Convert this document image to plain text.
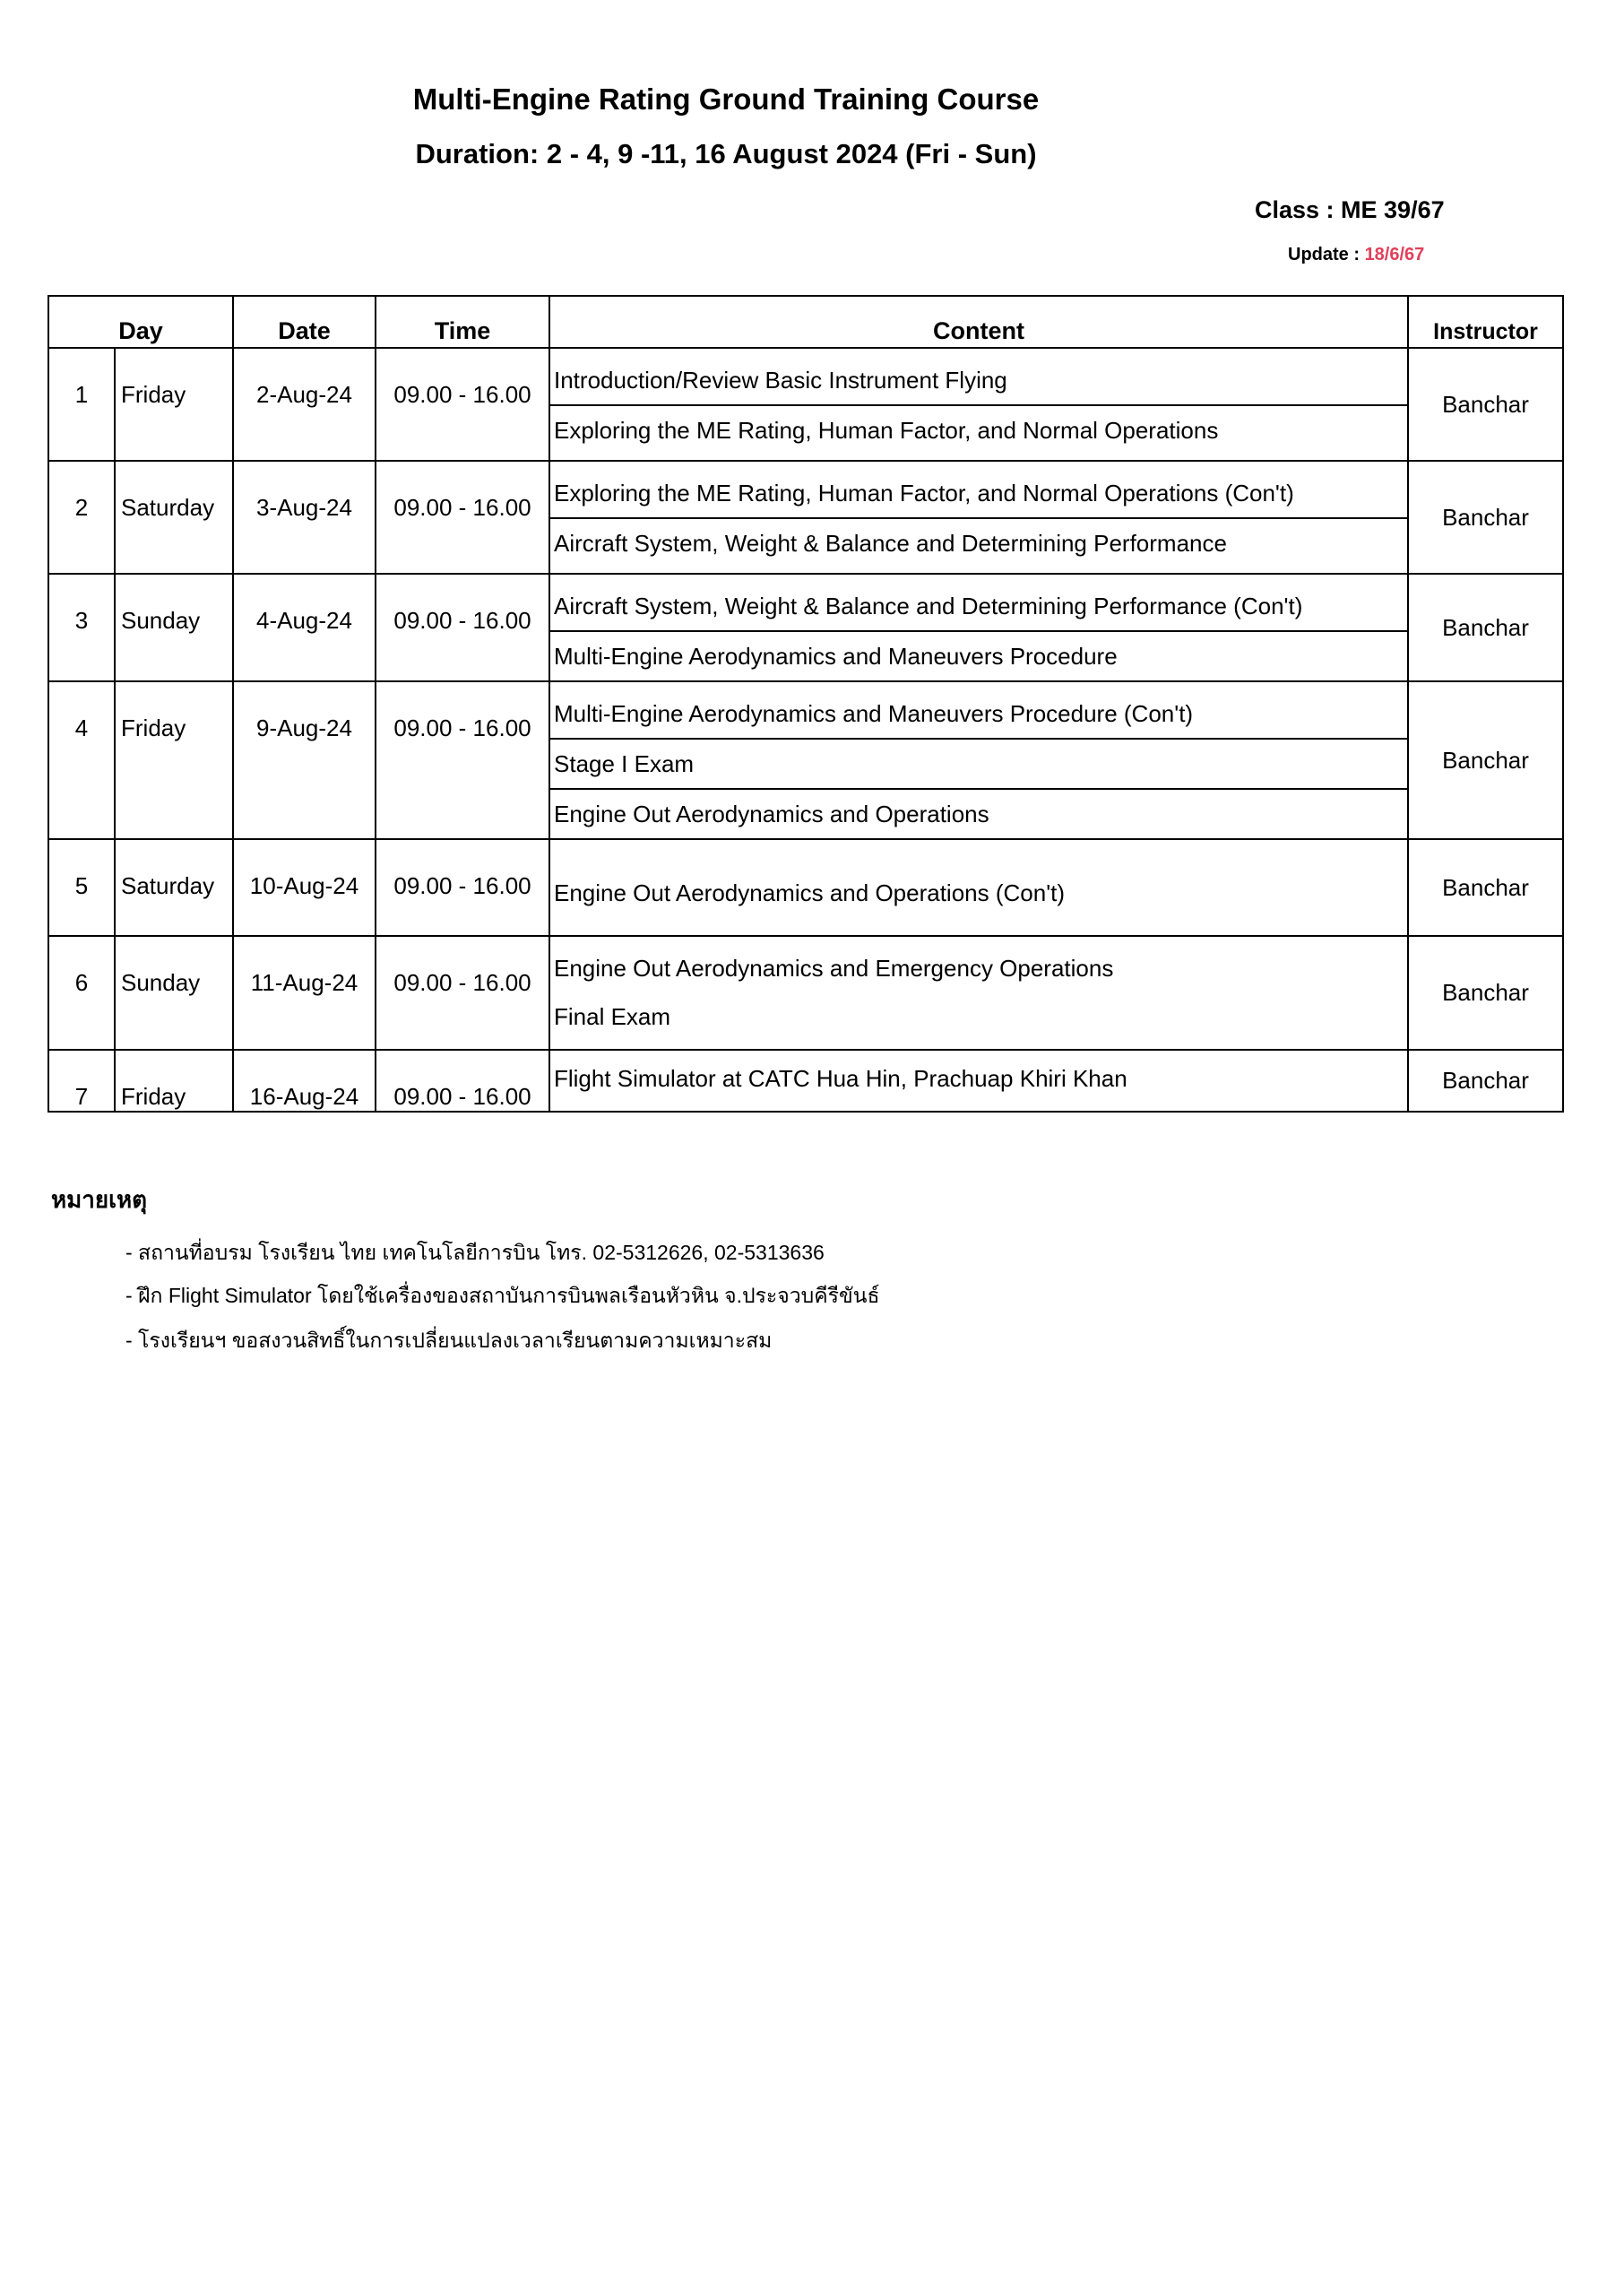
Multi-Engine Rating Ground Training Course
Duration: 2 - 4, 9 -11, 16 August 2024 (Fri - Sun)
Class : ME 39/67
Update : 18/6/67
Day		Date	Time	Content	Instructor
1	Friday	2-Aug-24	09.00 - 16.00	Introduction/Review Basic Instrument Flying
Exploring the ME Rating, Human Factor, and Normal Operations	Banchar
2	Saturday	3-Aug-24	09.00 - 16.00	Exploring the ME Rating, Human Factor, and Normal Operations (Con't)
Aircraft System, Weight & Balance and Determining Performance	Banchar
3	Sunday	4-Aug-24	09.00 - 16.00	Aircraft System, Weight & Balance and Determining Performance (Con't)
Multi-Engine Aerodynamics and Maneuvers Procedure	Banchar
4	Friday	9-Aug-24	09.00 - 16.00	Multi-Engine Aerodynamics and Maneuvers Procedure (Con't)
Stage I Exam
Engine Out Aerodynamics and Operations	Banchar
5	Saturday	10-Aug-24	09.00 - 16.00	Engine Out Aerodynamics and Operations (Con't)	Banchar
6	Sunday	11-Aug-24	09.00 - 16.00	Engine Out Aerodynamics and Emergency Operations
Final Exam	Banchar
7	Friday	16-Aug-24	09.00 - 16.00	Flight Simulator at CATC Hua Hin, Prachuap Khiri Khan	Banchar
หมายเหตุ
- สถานที่อบรม โรงเรียน ไทย เทคโนโลยีการบิน โทร. 02-5312626, 02-5313636
- ฝึก Flight Simulator โดยใช้เครื่องของสถาบันการบินพลเรือนหัวหิน จ.ประจวบคีรีขันธ์
- โรงเรียนฯ ขอสงวนสิทธิ์ในการเปลี่ยนแปลงเวลาเรียนตามความเหมาะสม
